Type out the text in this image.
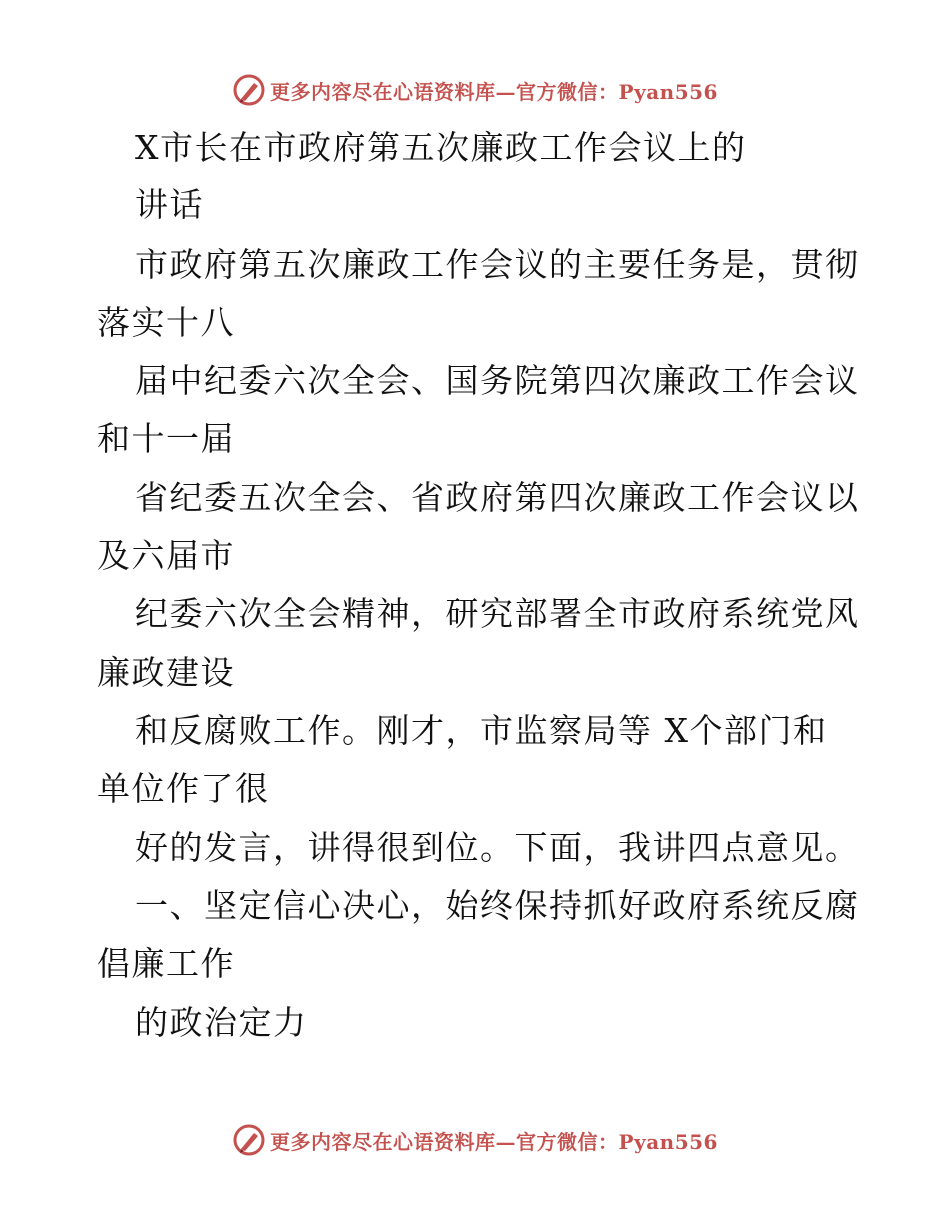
更多内容尽在心语资料库—官方微信：Pyan556
X市长在市政府第五次廉政工作会议上的
讲话
市政府第五次廉政工作会议的主要任务是，贯彻
落实十八
届中纪委六次全会、国务院第四次廉政工作会议
和十一届
省纪委五次全会、省政府第四次廉政工作会议以
及六届市
纪委六次全会精神，研究部署全市政府系统党风
廉政建设
和反腐败工作。刚才，市监察局等 X个部门和
单位作了很
好的发言，讲得很到位。下面，我讲四点意见。
一、坚定信心决心，始终保持抓好政府系统反腐
倡廉工作
的政治定力
更多内容尽在心语资料库—官方微信：Pyan556
